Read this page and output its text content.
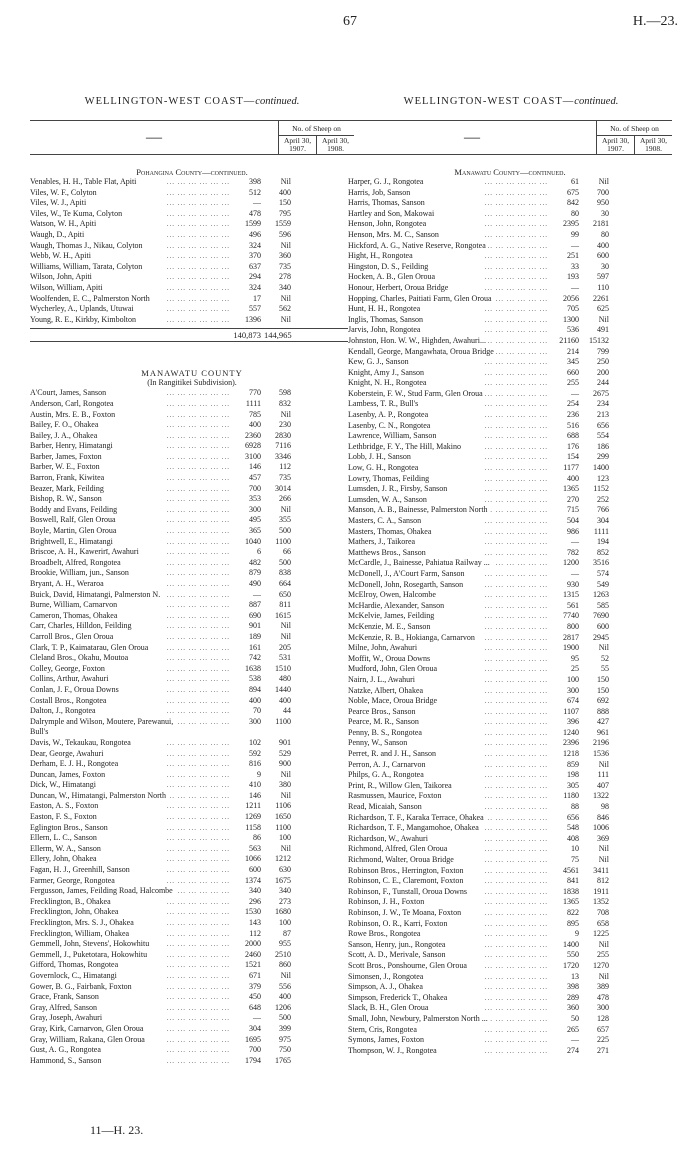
67	H.—23.
WELLINGTON-WEST COAST—continued.	WELLINGTON-WEST COAST—continued.
—	No. of Sheep on	
	April 30,
1907.	April 30,
1908.
Pohangina County—continued.
Venables, H. H., Table Flat, Apiti ... .	398	Nil
Viles, W. F., Colyton ... .	512	400
Viles, W. J., Apiti ... .	—	150
Viles, W., Te Kuma, Colyton ... .	478	795
Watson, W. H., Apiti ... .	1599	1559
Waugh, D., Apiti ... .	496	596
Waugh, Thomas J., Nikau, Colyton ... .	324	Nil
Webb, W. H., Apiti ... .	370	360
Williams, William, Tarata, Colyton ... .	637	735
Wilson, John, Apiti ... .	294	278
Wilson, William, Apiti ... .	324	340
Woolfenden, E. C., Palmerston North ... .	17	Nil
Wycherley, A., Uplands, Utuwai ... .	557	562
Young, R. E., Kirkby, Kimbolton ... .	1396	Nil
140,873 144,965
MANAWATU COUNTY
(In Rangitikei Subdivision).
A'Court, James, Sanson ... .	770	598
Anderson, Carl, Rongotea ... .	1111	832
Austin, Mrs. E. B., Foxton ... .	785	Nil
Bailey, F. O., Ohakea ... .	400	230
Bailey, J. A., Ohakea ... .	2360	2830
Barber, Henry, Himatangi ... .	6928	7116
Barber, James, Foxton ... .	3100	3346
Barber, W. E., Foxton ... .	146	112
Barron, Frank, Kiwitea ... .	457	735
Beazer, Mark, Feilding ... .	700	3014
Bishop, R. W., Sanson ... .	353	266
Boddy and Evans, Feilding ... .	300	Nil
Boswell, Ralf, Glen Oroua ... .	495	355
Boyle, Martin, Glen Oroua ... .	365	500
Brightwell, E., Himatangi ... .	1040	1100
Briscoe, A. H., Kawerirī, Awahuri ... .	6	66
Broadbelt, Alfred, Rongotea ... .	482	500
Brookie, William, jun., Sanson ... .	879	838
Bryant, A. H., Weraroa ... .	490	664
Buick, David, Himatangi, Palmerston N. ... .	—	650
Burne, William, Carnarvon ... .	887	811
Cameron, Thomas, Ohakea ... .	690	1615
Carr, Charles, Hilldon, Feilding ... .	901	Nil
Carroll Bros., Glen Oroua ... .	189	Nil
Clark, T. P., Kaimatarau, Glen Oroua ... .	161	205
Cleland Bros., Okahu, Moutoa ... .	742	531
Colley, George, Foxton ... .	1638	1510
Collins, Arthur, Awahuri ... .	538	480
Conlan, J. F., Oroua Downs ... .	894	1440
Costall Bros., Rongotea ... .	400	400
Dalton, J., Rongotea ... .	70	44
Dalrymple and Wilson, Moutere, Parewanui, ... .	300	1100
Bull's
Davis, W., Tekaukau, Rongotea ... .	102	901
Dear, George, Awahuri ... .	592	529
Derham, E. J. H., Rongotea ... .	816	900
Duncan, James, Foxton ... .	9	Nil
Dick, W., Himatangi ... .	410	380
Duncan, W., Himatangi, Palmerston North ... .	146	Nil
Easton, A. S., Foxton ... .	1211	1106
Easton, F. S., Foxton ... .	1269	1650
Eglington Bros., Sanson ... .	1158	1100
Ellern, L. C., Sanson ... .	86	100
Ellerm, W. A., Sanson ... .	563	Nil
Ellery, John, Ohakea ... .	1066	1212
Fagan, H. J., Greenhill, Sanson ... .	600	630
Farmer, George, Rongotea ... .	1374	1675
Fergusson, James, Feilding Road, Halcombe ... .	340	340
Frecklington, B., Ohakea ... .	296	273
Frecklington, John, Ohakea ... .	1530	1680
Frecklington, Mrs. S. J., Ohakea ... .	143	100
Frecklington, William, Ohakea ... .	112	87
Gemmell, John, Stevens', Hokowhitu ... .	2000	955
Gemmell, J., Puketotara, Hokowhitu ... .	2460	2510
Gifford, Thomas, Rongotea ... .	1521	860
Governlock, C., Himatangi ... .	671	Nil
Gower, B. G., Fairbank, Foxton ... .	379	556
Grace, Frank, Sanson ... .	450	400
Gray, Alfred, Sanson ... .	648	1206
Gray, Joseph, Awahuri ... .	—	500
Gray, Kirk, Carnarvon, Glen Oroua ... .	304	399
Gray, William, Rakana, Glen Oroua ... .	1695	975
Gust, A. G., Rongotea ... .	700	750
Hammond, S., Sanson ... .	1794	1765
—	No. of Sheep on	
	April 30,
1907.	April 30,
1908.
Manawatu County—continued.
Harper, G. J., Rongotea ... .	61	Nil
Harris, Job, Sanson ... .	675	700
Harris, Thomas, Sanson ... .	842	950
Hartley and Son, Makowai ... .	80	30
Henson, John, Rongotea ... .	2395	2181
Henson, Mrs. M. C., Sanson ... .	99	80
Hickford, A. G., Native Reserve, Rongotea ... .	—	400
Hight, H., Rongotea ... .	251	600
Hingston, D. S., Feilding ... .	33	30
Hocken, A. B., Glen Oroua ... .	193	597
Honour, Herbert, Oroua Bridge ... .	—	110
Hopping, Charles, Paitiati Farm, Glen Oroua ... .	2056	2261
Hunt, H. H., Rongotea ... .	705	625
Inglis, Thomas, Sanson ... .	1300	Nil
Jarvis, John, Rongotea ... .	536	491
Johnston, Hon. W. W., Highden, Awahuri... ... .	21160	15132
Kendall, George, Mangawhata, Oroua Bridge ... .	214	799
Kew, G. J., Sanson ... .	345	250
Knight, Amy J., Sanson ... .	660	200
Knight, N. H., Rongotea ... .	255	244
Koberstein, F. W., Stud Farm, Glen Oroua ... .	—	2675
Lambess, T. R., Bull's ... .	254	234
Lasenby, A. P., Rongotea ... .	236	213
Lasenby, C. N., Rongotea ... .	516	656
Lawrence, William, Sanson ... .	688	554
Lethbridge, F. Y., The Hill, Makino ... .	176	186
Lobb, J. H., Sanson ... .	154	299
Low, G. H., Rongotea ... .	1177	1400
Lowry, Thomas, Feilding ... .	400	123
Lumsden, J. R., Firsby, Sanson ... .	1365	1152
Lumsden, W. A., Sanson ... .	270	252
Manson, A. B., Bainesse, Palmerston North ... .	715	766
Masters, C. A., Sanson ... .	504	304
Masters, Thomas, Ohakea ... .	986	1111
Mathers, J., Taikorea ... .	—	194
Matthews Bros., Sanson ... .	782	852
McCardle, J., Bainesse, Pahiatua Railway ... ... .	1200	3516
McDonell, J., A'Court Farm, Sanson ... .	—	574
McDonell, John, Rosegarth, Sanson ... .	930	549
McElroy, Owen, Halcombe ... .	1315	1263
McHardie, Alexander, Sanson ... .	561	585
McKelvie, James, Feilding ... .	7740	7690
McKenzie, M. E., Sanson ... .	800	600
McKenzie, R. B., Hokianga, Carnarvon ... .	2817	2945
Milne, John, Awahuri ... .	1900	Nil
Moffit, W., Oroua Downs ... .	95	52
Mudford, John, Glen Oroua ... .	25	55
Nairn, J. L., Awahuri ... .	100	150
Natzke, Albert, Ohakea ... .	300	150
Noble, Mace, Oroua Bridge ... .	674	692
Pearce Bros., Sanson ... .	1107	888
Pearce, M. R., Sanson ... .	396	427
Penny, B. S., Rongotea ... .	1240	961
Penny, W., Sanson ... .	2396	2196
Perret, R. and J. H., Sanson ... .	1218	1536
Perron, A. J., Carnarvon ... .	859	Nil
Philps, G. A., Rongotea ... .	198	111
Print, R., Willow Glen, Taikorea ... .	305	407
Rasmussen, Maurice, Foxton ... .	1180	1322
Read, Micaiah, Sanson ... .	88	98
Richardson, T. F., Karaka Terrace, Ohakea ... .	656	846
Richardson, T. F., Mangamohoe, Ohakea ... .	548	1006
Richardson, W., Awahuri ... .	408	369
Richmond, Alfred, Glen Oroua ... .	10	Nil
Richmond, Walter, Oroua Bridge ... .	75	Nil
Robinson Bros., Herrington, Foxton ... .	4561	3411
Robinson, C. E., Claremont, Foxton ... .	841	812
Robinson, F., Tunstall, Oroua Downs ... .	1838	1911
Robinson, J. H., Foxton ... .	1365	1352
Robinson, J. W., Te Moana, Foxton ... .	822	708
Robinson, O. R., Karri, Foxton ... .	895	658
Rowe Bros., Rongotea ... .	9	1225
Sanson, Henry, jun., Rongotea ... .	1400	Nil
Scott, A. D., Merivale, Sanson ... .	550	255
Scott Bros., Ponshourne, Glen Oroua ... .	1720	1270
Simonsen, J., Rongotea ... .	13	Nil
Simpson, A. J., Ohakea ... .	398	389
Simpson, Frederick T., Ohakea ... .	289	478
Slack, B. H., Glen Oroua ... .	360	300
Small, John, Newbury, Palmerston North ... ... .	50	128
Stern, Cris, Rongotea ... .	265	657
Symons, James, Foxton ... .	—	225
Thompson, W. J., Rongotea ... .	274	271
11—H. 23.
